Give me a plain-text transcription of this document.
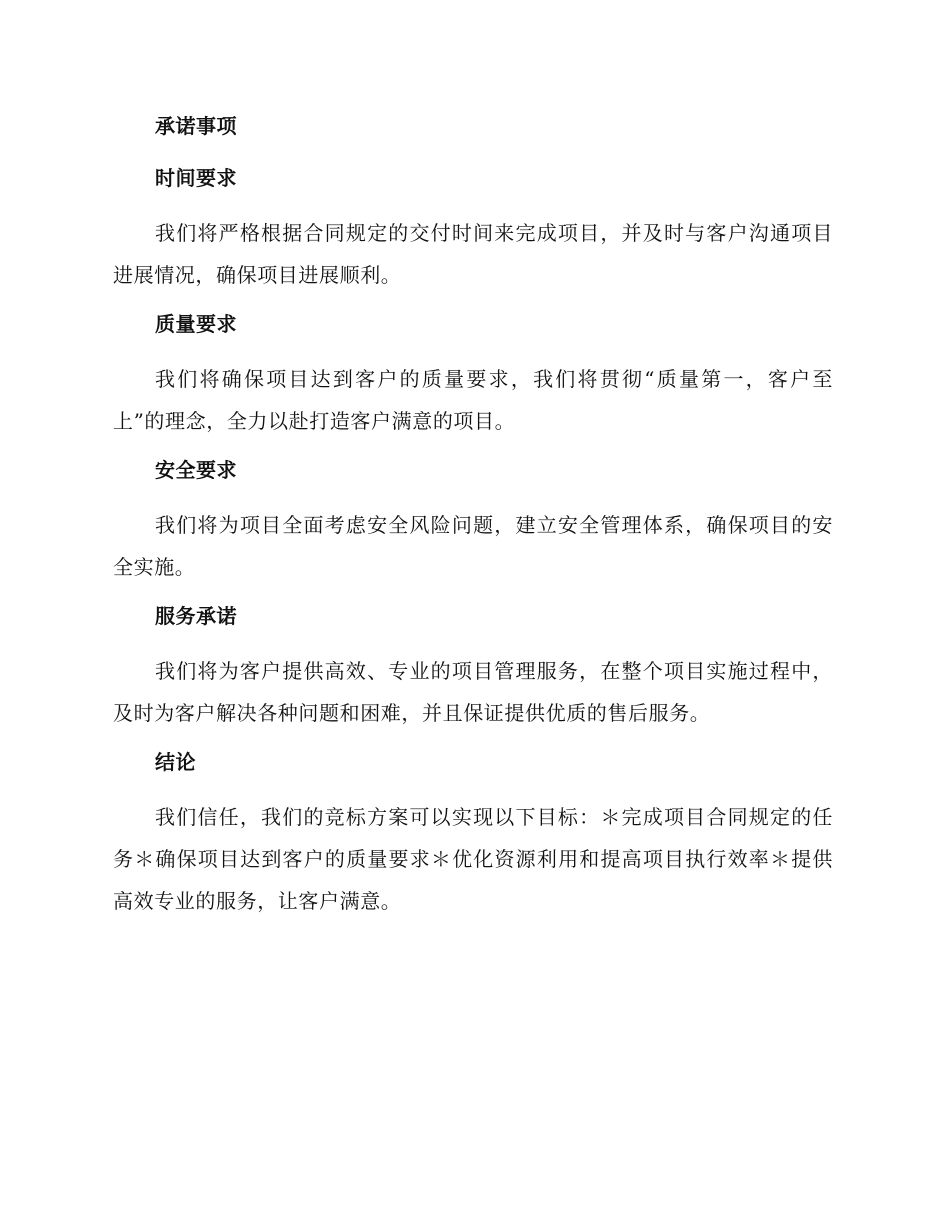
承诺事项
时间要求

我们将严格根据合同规定的交付时间来完成项目，并及时与客户沟通项目进展情况，确保项目进展顺利。

质量要求

我们将确保项目达到客户的质量要求，我们将贯彻“质量第一，客户至上”的理念，全力以赴打造客户满意的项目。

安全要求

我们将为项目全面考虑安全风险问题，建立安全管理体系，确保项目的安全实施。

服务承诺

我们将为客户提供高效、专业的项目管理服务，在整个项目实施过程中，及时为客户解决各种问题和困难，并且保证提供优质的售后服务。

结论

我们信任，我们的竞标方案可以实现以下目标：＊完成项目合同规定的任务＊确保项目达到客户的质量要求＊优化资源利用和提高项目执行效率＊提供高效专业的服务，让客户满意。
